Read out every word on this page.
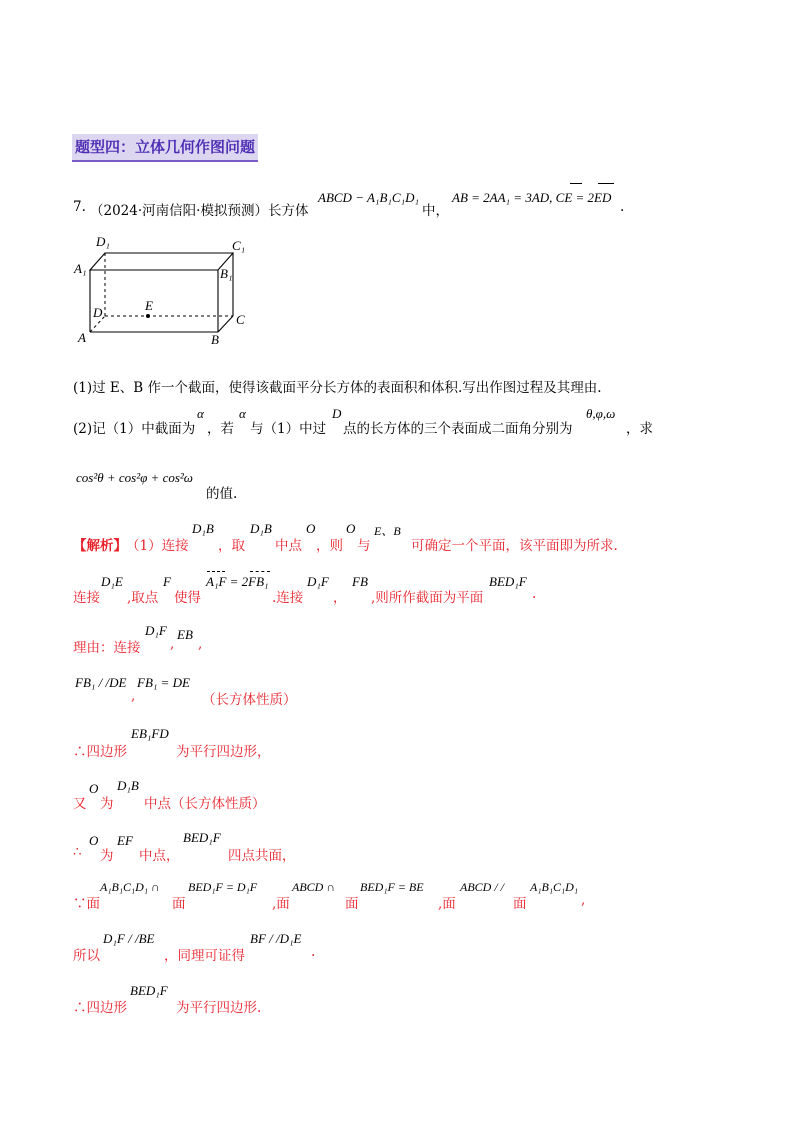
题型四：立体几何作图问题
7. （2024·河南信阳·模拟预测）长方体
ABCD − A₁B₁C₁D₁
中，
AB = 2AA₁ = 3AD, CE = 2ED
.
D₁	C₁
A₁	B₁
E
D	C
A	B
(1)过 E、B 作一个截面，使得该截面平分长方体的表面积和体积.写出作图过程及其理由.
(2)记（1）中截面为
α
，若
α
与（1）中过
D
点的长方体的三个表面成二面角分别为
θ,φ,ω
，求
cos²θ + cos²φ + cos²ω
的值.
【解析】 （1）连接
D₁B
，取
D₁B
中点
O
，则
O
与
E、B
可确定一个平面，该平面即为所求.
连接
D₁E
,取点
F
使得
A₁F = 2FB₁
.连接
D₁F
，
FB
,则所作截面为平面
BED₁F
.
理由：连接
D₁F
,
EB
,
FB₁ / /DE
,
FB₁ = DE
（长方体性质）
∴四边形
EB₁FD
为平行四边形，
又
O
为
D₁B
中点（长方体性质）
∴
O
为
EF
中点，
BED₁F
四点共面，
∵面
A₁B₁C₁D₁ ∩
面
BED₁F = D₁F
,面
ABCD ∩
面
BED₁F = BE
,面
ABCD / /
面
A₁B₁C₁D₁
,
所以
D₁F / /BE
，同理可证得
BF / /D₁E
.
∴四边形
BED₁F
为平行四边形.
